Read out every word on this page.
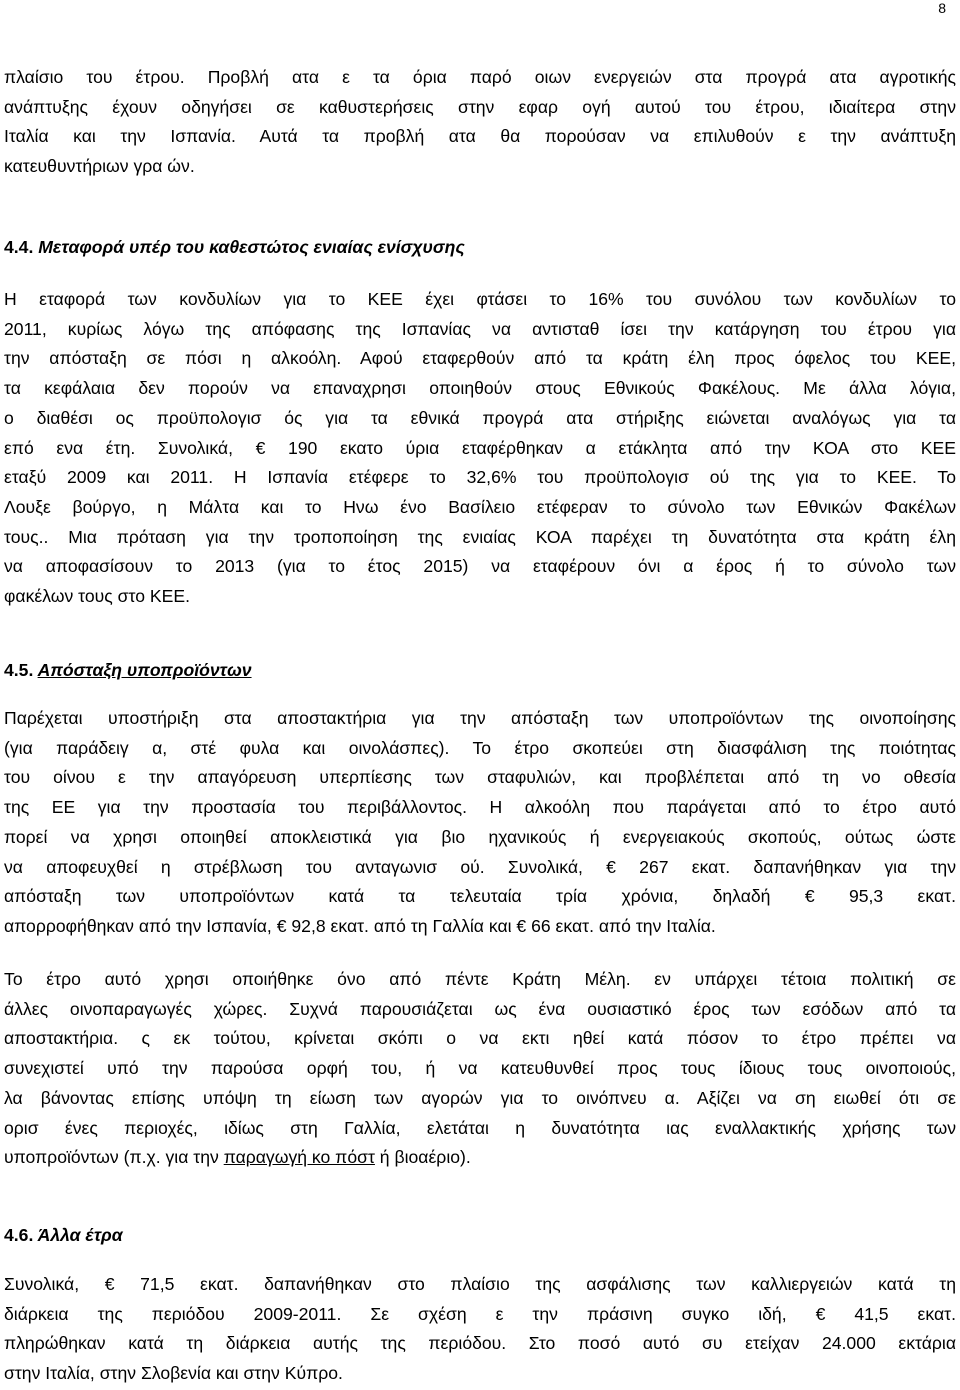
8
πλαίσιο του έτρου. Προβλή ατα ε τα όρια παρό οιων ενεργειών στα προγρά ατα αγροτικής
ανάπτυξης έχουν οδηγήσει σε καθυστερήσεις στην εφαρ ογή αυτού του έτρου, ιδιαίτερα στην
Ιταλία και την Ισπανία. Αυτά τα προβλή ατα θα πορούσαν να επιλυθούν ε την ανάπτυξη
κατευθυντήριων γρα ών.
4.4. Μεταφορά υπέρ του καθεστώτος ενιαίας ενίσχυσης
Η εταφορά των κονδυλίων για το ΚΕΕ έχει φτάσει το 16% του συνόλου των κονδυλίων το
2011, κυρίως λόγω της απόφασης της Ισπανίας να αντισταθ ίσει την κατάργηση του έτρου για
την απόσταξη σε πόσι η αλκοόλη. Αφού εταφερθούν από τα κράτη έλη προς όφελος του ΚΕΕ,
τα κεφάλαια δεν πορούν να επαναχρησι οποιηθούν στους Εθνικούς Φακέλους. Με άλλα λόγια,
ο διαθέσι ος προϋπολογισ ός για τα εθνικά προγρά ατα στήριξης ειώνεται αναλόγως για τα
επό ενα έτη. Συνολικά, € 190 εκατο ύρια εταφέρθηκαν α ετάκλητα από την ΚΟΑ στο ΚΕΕ
εταξύ 2009 και 2011. Η Ισπανία ετέφερε το 32,6% του προϋπολογισ ού της για το ΚΕΕ. Το
Λουξε βούργο, η Μάλτα και το Ηνω ένο Βασίλειο ετέφεραν το σύνολο των Εθνικών Φακέλων
τους.. Μια πρόταση για την τροποποίηση της ενιαίας ΚΟΑ παρέχει τη δυνατότητα στα κράτη έλη
να αποφασίσουν το 2013 (για το έτος 2015) να εταφέρουν όνι α έρος ή το σύνολο των
φακέλων τους στο ΚΕΕ.
4.5. Απόσταξη υποπροϊόντων
Παρέχεται υποστήριξη στα αποστακτήρια για την απόσταξη των υποπροϊόντων της οινοποίησης
(για παράδειγ α, στέ φυλα και οινολάσπες). Το έτρο σκοπεύει στη διασφάλιση της ποιότητας
του οίνου ε την απαγόρευση υπερπίεσης των σταφυλιών, και προβλέπεται από τη νο οθεσία
της ΕΕ για την προστασία του περιβάλλοντος. Η αλκοόλη που παράγεται από το έτρο αυτό
πορεί να χρησι οποιηθεί αποκλειστικά για βιο ηχανικούς ή ενεργειακούς σκοπούς, ούτως ώστε
να αποφευχθεί η στρέβλωση του ανταγωνισ ού. Συνολικά, € 267 εκατ. δαπανήθηκαν για την
απόσταξη των υποπροϊόντων κατά τα τελευταία τρία χρόνια, δηλαδή € 95,3 εκατ.
απορροφήθηκαν από την Ισπανία, € 92,8 εκατ. από τη Γαλλία και € 66 εκατ. από την Ιταλία.
Το έτρο αυτό χρησι οποιήθηκε όνο από πέντε Κράτη Μέλη. εν υπάρχει τέτοια πολιτική σε
άλλες οινοπαραγωγές χώρες. Συχνά παρουσιάζεται ως ένα ουσιαστικό έρος των εσόδων από τα
αποστακτήρια. ς εκ τούτου, κρίνεται σκόπι ο να εκτι ηθεί κατά πόσον το έτρο πρέπει να
συνεχιστεί υπό την παρούσα ορφή του, ή να κατευθυνθεί προς τους ίδιους τους οινοποιούς,
λα βάνοντας επίσης υπόψη τη είωση των αγορών για το οινόπνευ α. Αξίζει να ση ειωθεί ότι σε
ορισ ένες περιοχές, ιδίως στη Γαλλία, ελετάται η δυνατότητα ιας εναλλακτικής χρήσης των
υποπροϊόντων (π.χ. για την παραγωγή κο πόστ ή βιοαέριο).
4.6. Άλλα έτρα
Συνολικά, € 71,5 εκατ. δαπανήθηκαν στο πλαίσιο της ασφάλισης των καλλιεργειών κατά τη
διάρκεια της περιόδου 2009-2011. Σε σχέση ε την πράσινη συγκο ιδή, € 41,5 εκατ.
πληρώθηκαν κατά τη διάρκεια αυτής της περιόδου. Στο ποσό αυτό συ ετείχαν 24.000 εκτάρια
στην Ιταλία, στην Σλοβενία και στην Κύπρο.
